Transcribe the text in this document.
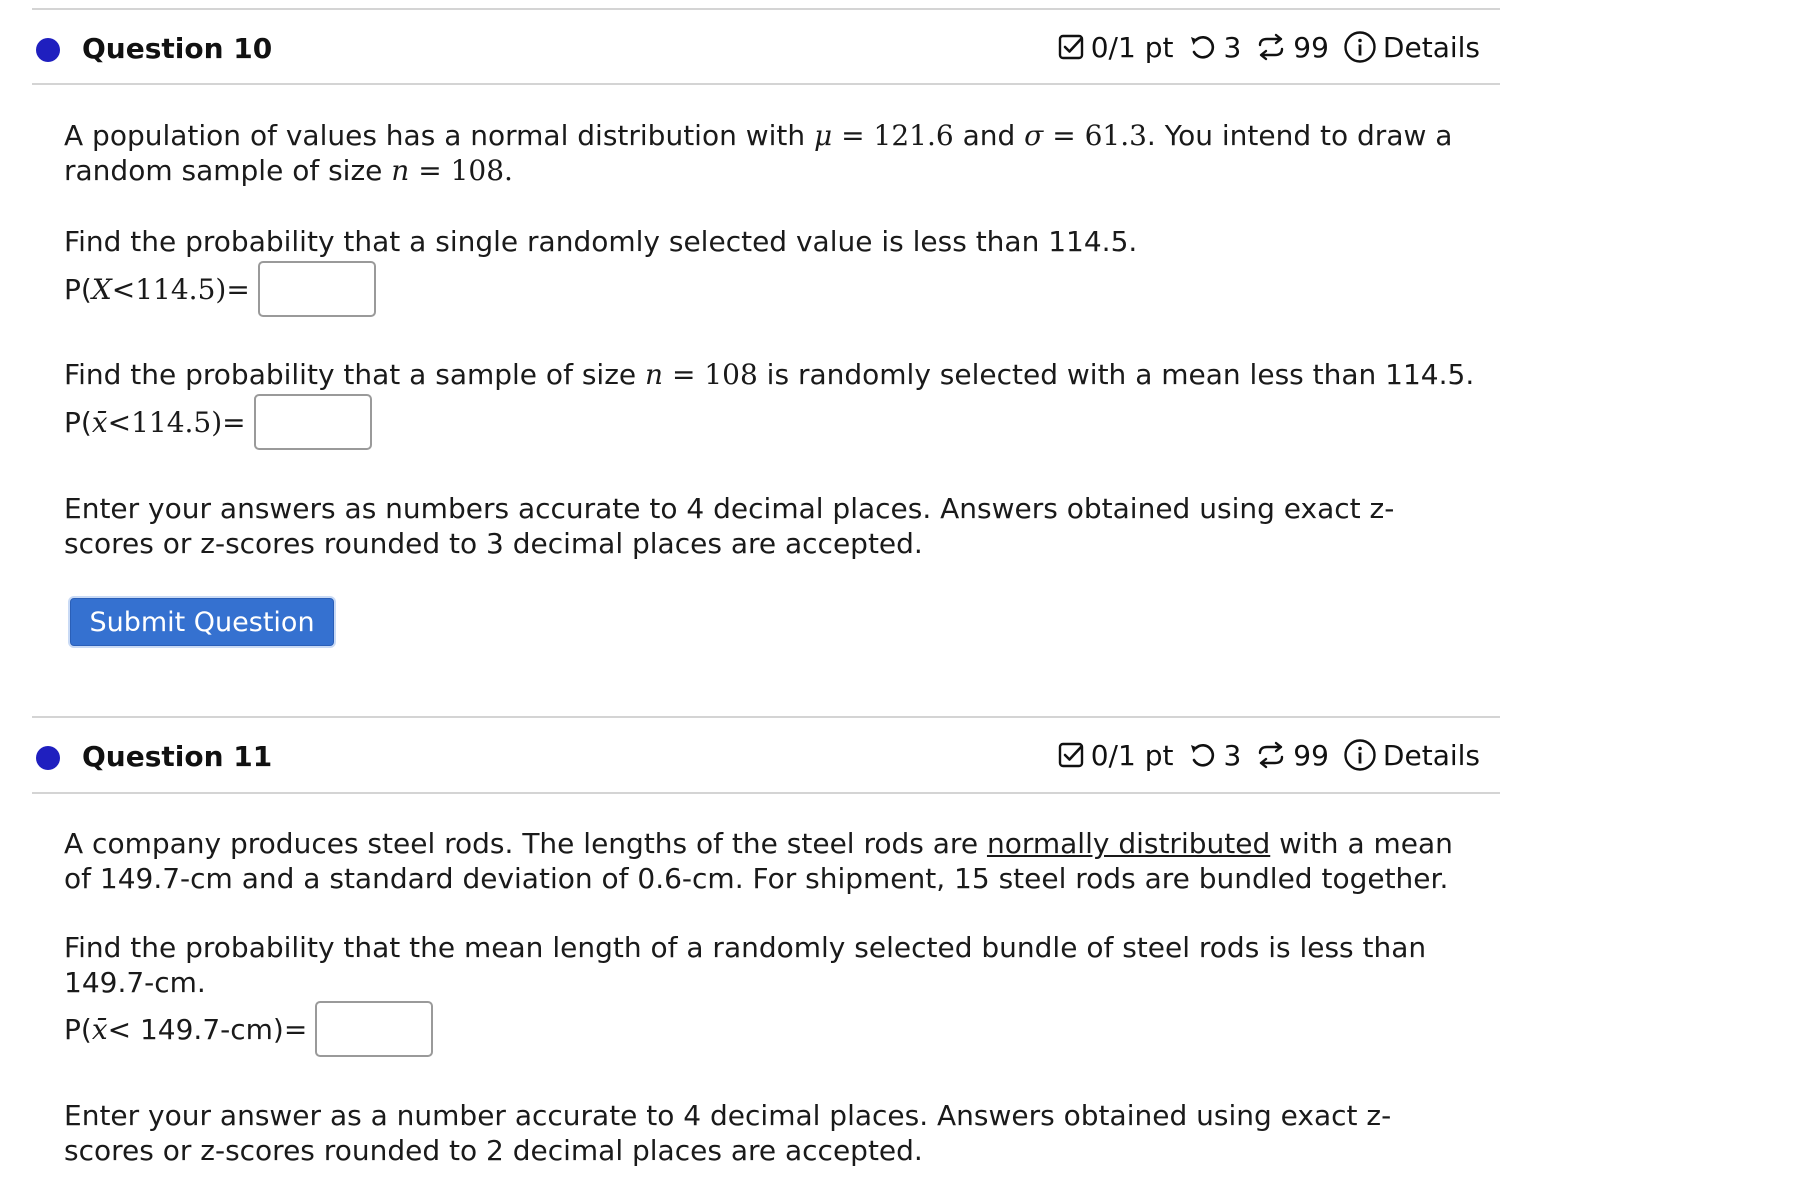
Question 10	0/1 pt 3 99 Details
A population of values has a normal distribution with μ = 121.6 and σ = 61.3. You intend to draw a random sample of size n = 108.
Find the probability that a single randomly selected value is less than 114.5.
P( X < 114.5) =
Find the probability that a sample of size n = 108 is randomly selected with a mean less than 114.5.
P( x̄ < 114.5) =
Enter your answers as numbers accurate to 4 decimal places. Answers obtained using exact z-scores or z-scores rounded to 3 decimal places are accepted.
Submit Question
Question 11	0/1 pt 3 99 Details
A company produces steel rods. The lengths of the steel rods are normally distributed with a mean of 149.7-cm and a standard deviation of 0.6-cm. For shipment, 15 steel rods are bundled together.
Find the probability that the mean length of a randomly selected bundle of steel rods is less than 149.7-cm.
P( x̄ < 149.7-cm) =
Enter your answer as a number accurate to 4 decimal places. Answers obtained using exact z-scores or z-scores rounded to 2 decimal places are accepted.
